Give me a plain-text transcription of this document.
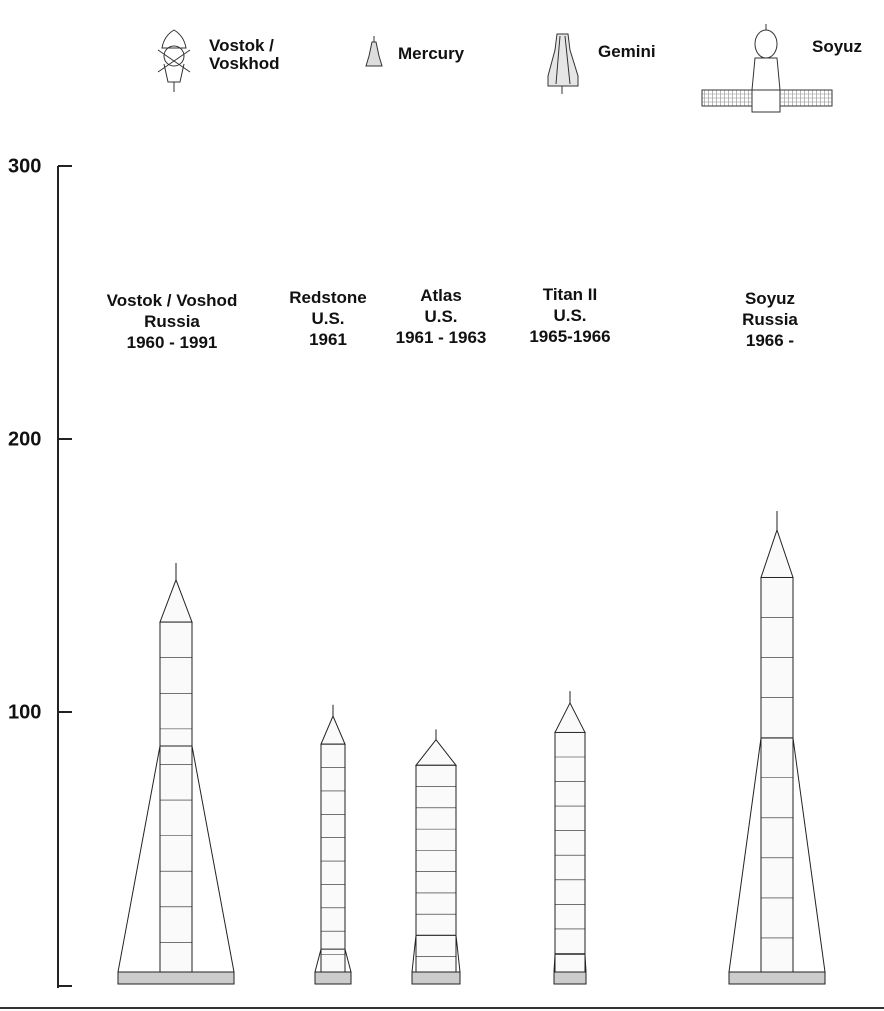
Vostok /
Voskhod
Mercury	Gemini	Soyuz
Vostok / Voshod
Russia
1960 - 1991
Redstone
U.S.
1961
Atlas
U.S.
1961 - 1963
Titan II
U.S.
1965-1966
Soyuz
Russia
1966 -
300
200
100
